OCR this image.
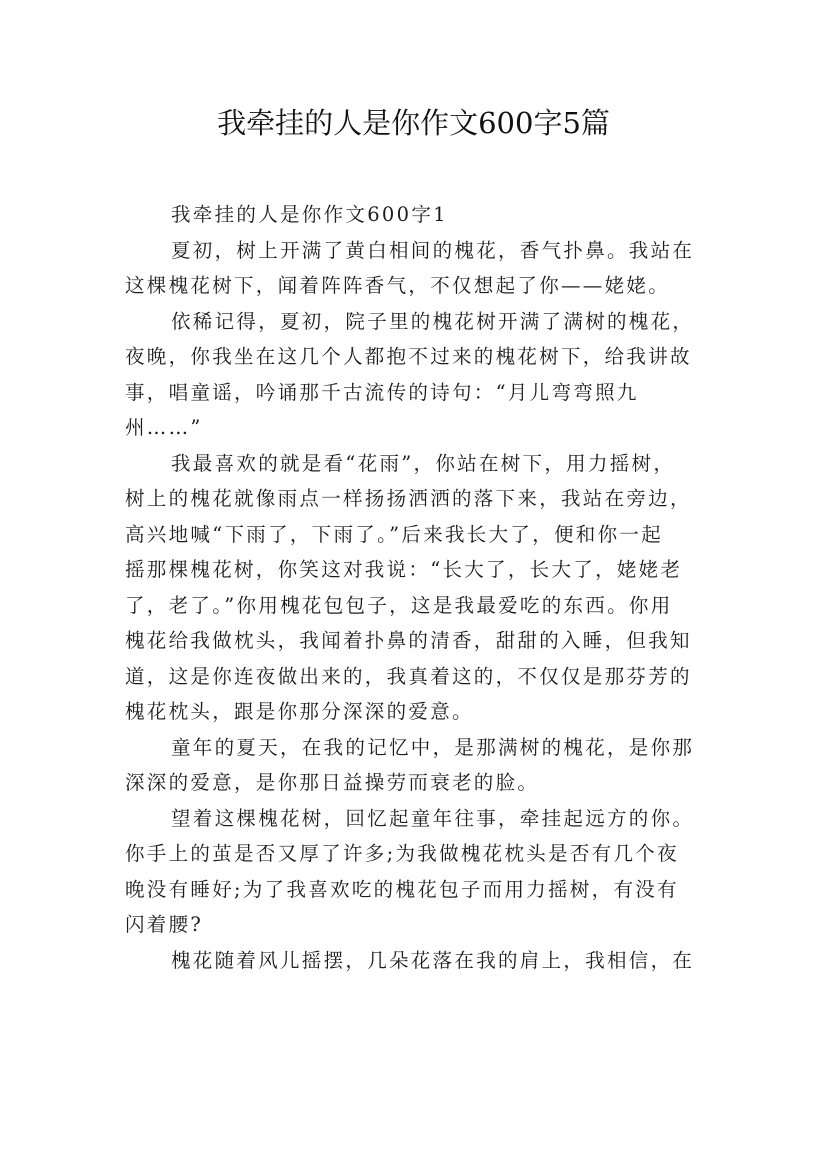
我牵挂的人是你作文600字5篇
我牵挂的人是你作文600字1
夏初，树上开满了黄白相间的槐花，香气扑鼻。我站在
这棵槐花树下，闻着阵阵香气，不仅想起了你——姥姥。
依稀记得，夏初，院子里的槐花树开满了满树的槐花，
夜晚，你我坐在这几个人都抱不过来的槐花树下，给我讲故
事，唱童谣，吟诵那千古流传的诗句：“月儿弯弯照九
州……”
我最喜欢的就是看“花雨”，你站在树下，用力摇树，
树上的槐花就像雨点一样扬扬洒洒的落下来，我站在旁边，
高兴地喊“下雨了，下雨了。”后来我长大了，便和你一起
摇那棵槐花树，你笑这对我说：“长大了，长大了，姥姥老
了，老了。”你用槐花包包子，这是我最爱吃的东西。你用
槐花给我做枕头，我闻着扑鼻的清香，甜甜的入睡，但我知
道，这是你连夜做出来的，我真着这的，不仅仅是那芬芳的
槐花枕头，跟是你那分深深的爱意。
童年的夏天，在我的记忆中，是那满树的槐花，是你那
深深的爱意，是你那日益操劳而衰老的脸。
望着这棵槐花树，回忆起童年往事，牵挂起远方的你。
你手上的茧是否又厚了许多;为我做槐花枕头是否有几个夜
晚没有睡好;为了我喜欢吃的槐花包子而用力摇树，有没有
闪着腰?
槐花随着风儿摇摆，几朵花落在我的肩上，我相信，在
